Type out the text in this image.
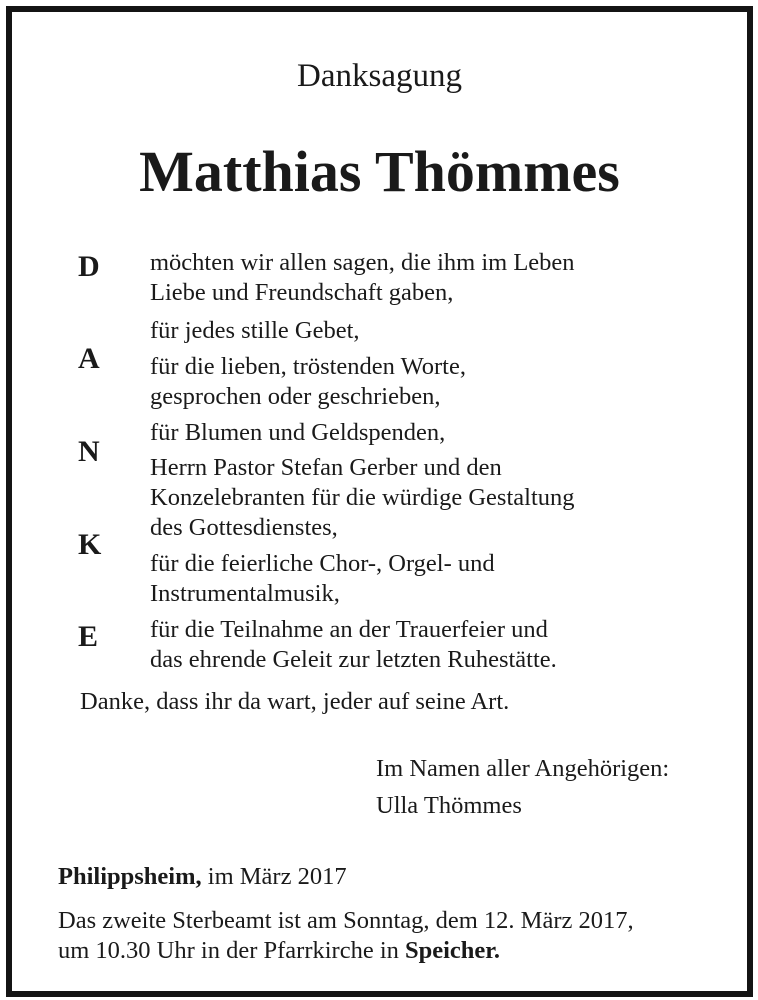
Danksagung
Matthias Thömmes
D
A
N
K
E
möchten wir allen sagen, die ihm im Leben
Liebe und Freundschaft gaben,
für jedes stille Gebet,
für die lieben, tröstenden Worte,
gesprochen oder geschrieben,
für Blumen und Geldspenden,
Herrn Pastor Stefan Gerber und den
Konzelebranten für die würdige Gestaltung
des Gottesdienstes,
für die feierliche Chor-, Orgel- und
Instrumentalmusik,
für die Teilnahme an der Trauerfeier und
das ehrende Geleit zur letzten Ruhestätte.
Danke, dass ihr da wart, jeder auf seine Art.
Im Namen aller Angehörigen:
Ulla Thömmes
Philippsheim, im März 2017
Das zweite Sterbeamt ist am Sonntag, dem 12. März 2017,
um 10.30 Uhr in der Pfarrkirche in Speicher.
